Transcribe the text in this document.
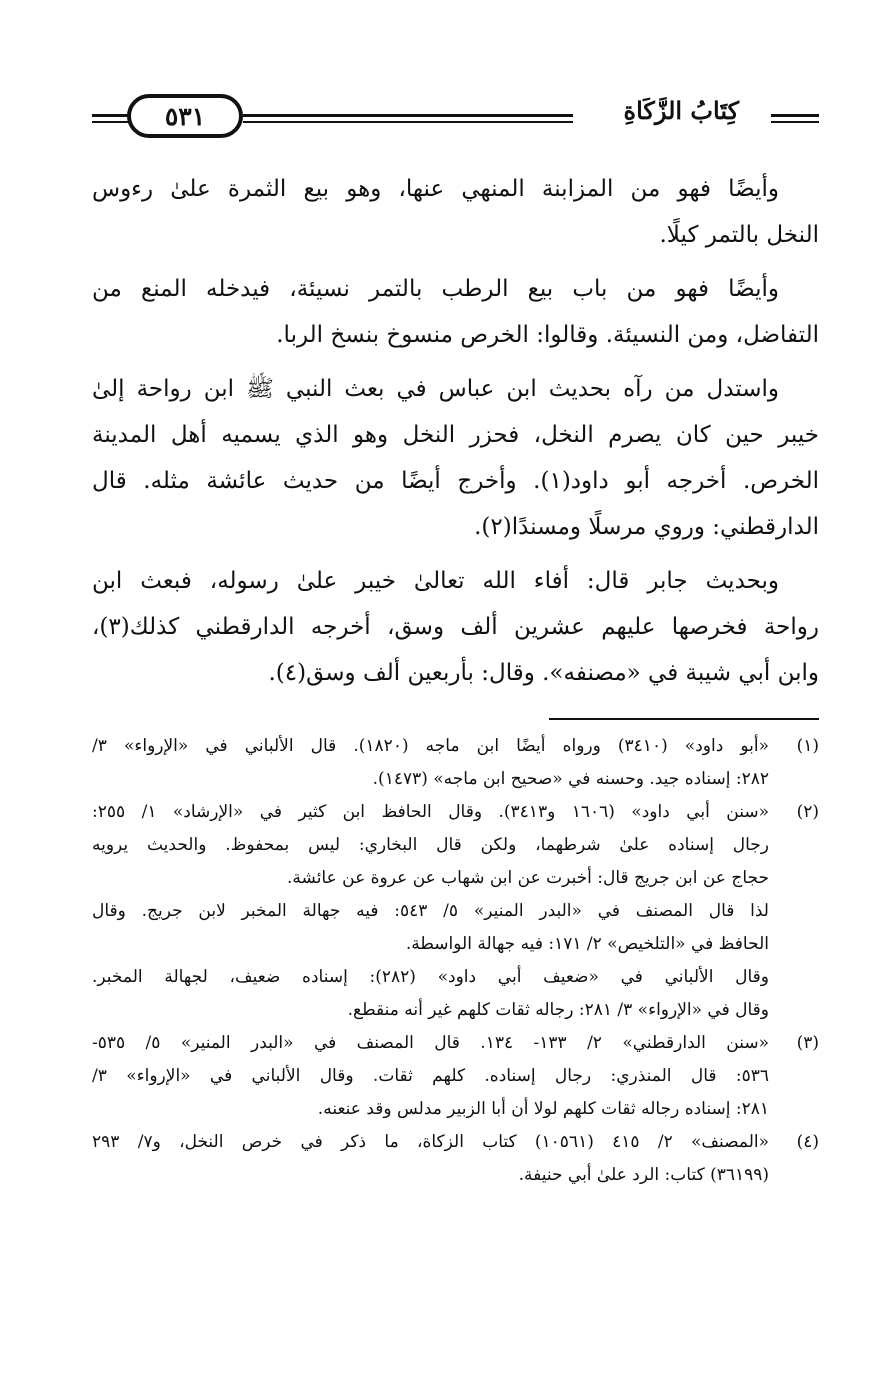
كِتَابُ الزَّكَاةِ
٥٣١
وأيضًا فهو من المزابنة المنهي عنها، وهو بيع الثمرة علىٰ رءوس
النخل بالتمر كيلًا.
وأيضًا فهو من باب بيع الرطب بالتمر نسيئة، فيدخله المنع من
التفاضل، ومن النسيئة. وقالوا: الخرص منسوخ بنسخ الربا.
واستدل من رآه بحديث ابن عباس في بعث النبي ﷺ ابن رواحة إلىٰ
خيبر حين كان يصرم النخل، فحزر النخل وهو الذي يسميه أهل المدينة
الخرص. أخرجه أبو داود(١). وأخرج أيضًا من حديث عائشة مثله. قال
الدارقطني: وروي مرسلًا ومسندًا(٢).
وبحديث جابر قال: أفاء الله تعالىٰ خيبر علىٰ رسوله، فبعث ابن
رواحة فخرصها عليهم عشرين ألف وسق، أخرجه الدارقطني كذلك(٣)،
وابن أبي شيبة في «مصنفه». وقال: بأربعين ألف وسق(٤).
(١)
«أبو داود» (٣٤١٠) ورواه أيضًا ابن ماجه (١٨٢٠). قال الألباني في «الإرواء» ٣/
٢٨٢: إسناده جيد. وحسنه في «صحيح ابن ماجه» (١٤٧٣).
(٢)
«سنن أبي داود» (١٦٠٦ و٣٤١٣). وقال الحافظ ابن كثير في «الإرشاد» ١/ ٢٥٥:
رجال إسناده علىٰ شرطهما، ولكن قال البخاري: ليس بمحفوظ. والحديث يرويه
حجاج عن ابن جريج قال: أخبرت عن ابن شهاب عن عروة عن عائشة.
لذا قال المصنف في «البدر المنير» ٥/ ٥٤٣: فيه جهالة المخبر لابن جريج. وقال
الحافظ في «التلخيص» ٢/ ١٧١: فيه جهالة الواسطة.
وقال الألباني في «ضعيف أبي داود» (٢٨٢): إسناده ضعيف، لجهالة المخبر.
وقال في «الإرواء» ٣/ ٢٨١: رجاله ثقات كلهم غير أنه منقطع.
(٣)
«سنن الدارقطني» ٢/ ١٣٣- ١٣٤. قال المصنف في «البدر المنير» ٥/ ٥٣٥-
٥٣٦: قال المنذري: رجال إسناده. كلهم ثقات. وقال الألباني في «الإرواء» ٣/
٢٨١: إسناده رجاله ثقات كلهم لولا أن أبا الزبير مدلس وقد عنعنه.
(٤)
«المصنف» ٢/ ٤١٥ (١٠٥٦١) كتاب الزكاة، ما ذكر في خرص النخل، و٧/ ٢٩٣
(٣٦١٩٩) كتاب: الرد علىٰ أبي حنيفة.
